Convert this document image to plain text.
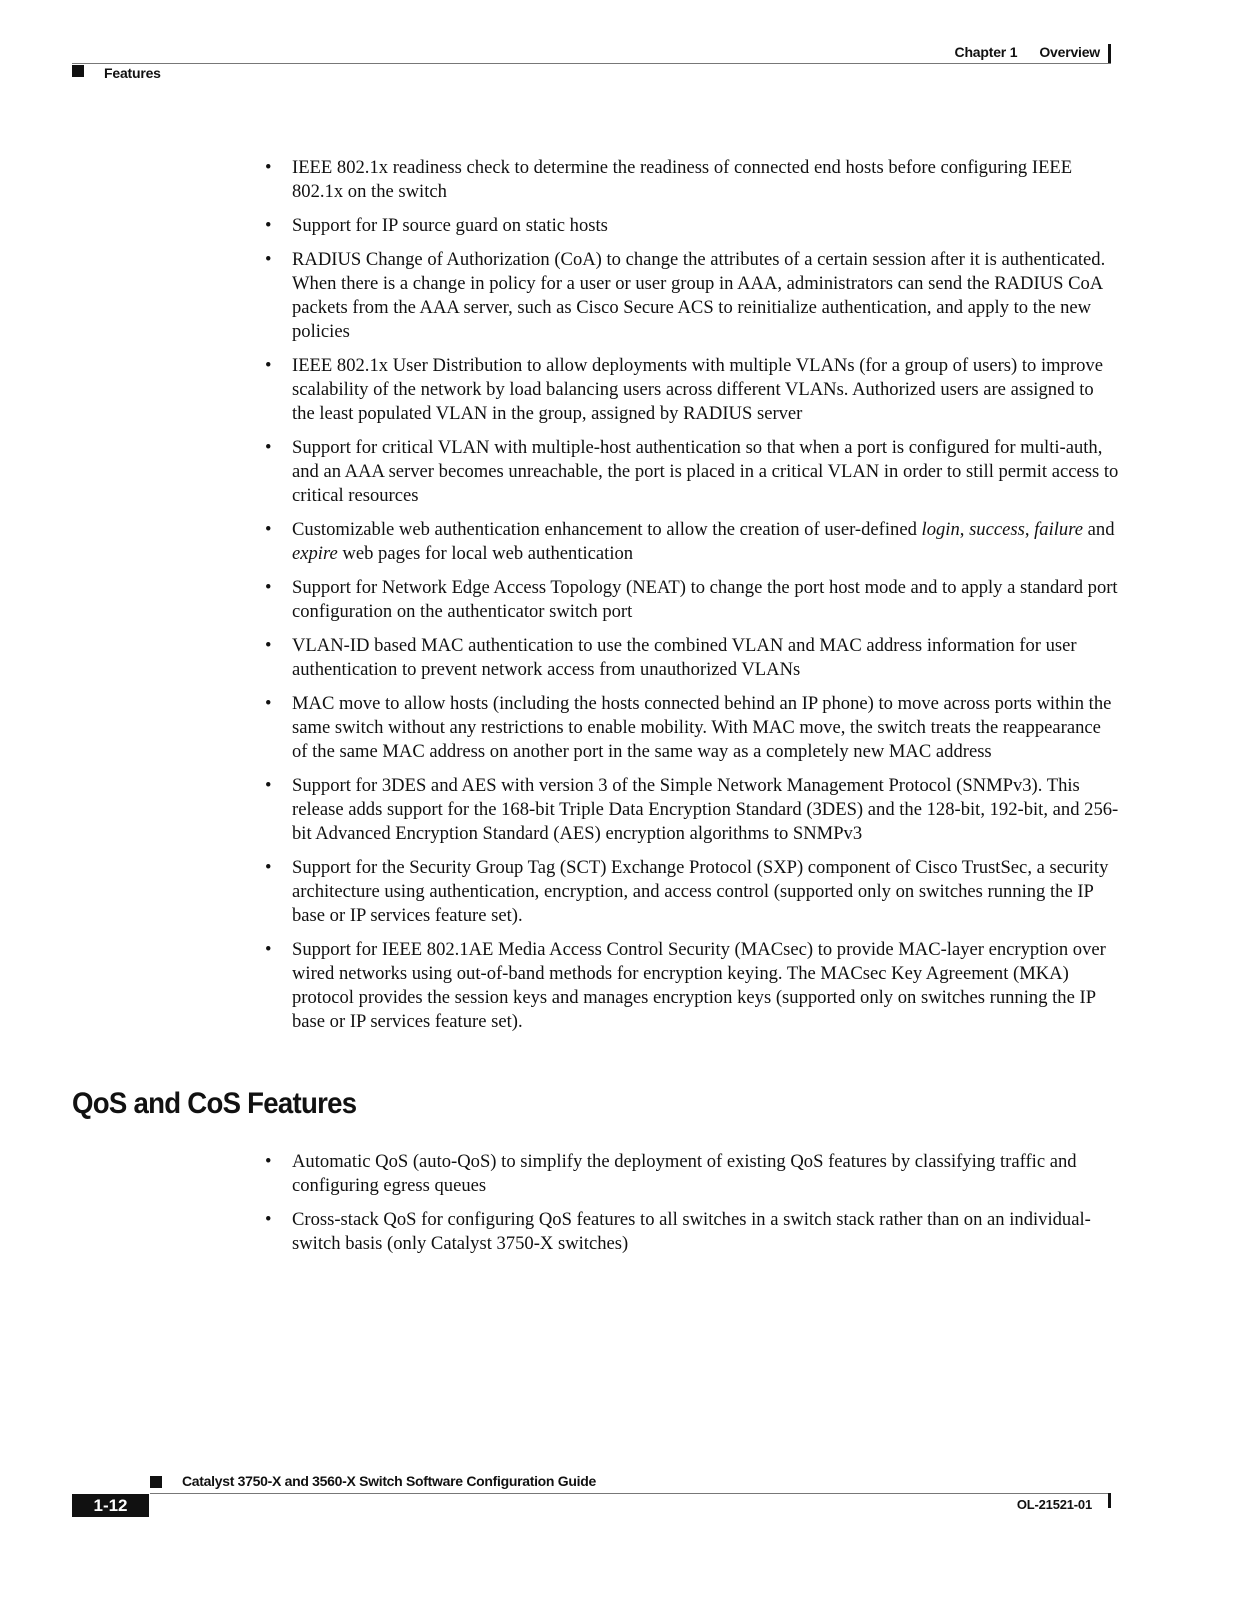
Chapter 1 Overview
Features
• IEEE 802.1x readiness check to determine the readiness of connected end hosts before configuring IEEE 802.1x on the switch
• Support for IP source guard on static hosts
• RADIUS Change of Authorization (CoA) to change the attributes of a certain session after it is authenticated. When there is a change in policy for a user or user group in AAA, administrators can send the RADIUS CoA packets from the AAA server, such as Cisco Secure ACS to reinitialize authentication, and apply to the new policies
• IEEE 802.1x User Distribution to allow deployments with multiple VLANs (for a group of users) to improve scalability of the network by load balancing users across different VLANs. Authorized users are assigned to the least populated VLAN in the group, assigned by RADIUS server
• Support for critical VLAN with multiple-host authentication so that when a port is configured for multi-auth, and an AAA server becomes unreachable, the port is placed in a critical VLAN in order to still permit access to critical resources
• Customizable web authentication enhancement to allow the creation of user-defined login, success, failure and expire web pages for local web authentication
• Support for Network Edge Access Topology (NEAT) to change the port host mode and to apply a standard port configuration on the authenticator switch port
• VLAN-ID based MAC authentication to use the combined VLAN and MAC address information for user authentication to prevent network access from unauthorized VLANs
• MAC move to allow hosts (including the hosts connected behind an IP phone) to move across ports within the same switch without any restrictions to enable mobility. With MAC move, the switch treats the reappearance of the same MAC address on another port in the same way as a completely new MAC address
• Support for 3DES and AES with version 3 of the Simple Network Management Protocol (SNMPv3). This release adds support for the 168-bit Triple Data Encryption Standard (3DES) and the 128-bit, 192-bit, and 256-bit Advanced Encryption Standard (AES) encryption algorithms to SNMPv3
• Support for the Security Group Tag (SCT) Exchange Protocol (SXP) component of Cisco TrustSec, a security architecture using authentication, encryption, and access control (supported only on switches running the IP base or IP services feature set).
• Support for IEEE 802.1AE Media Access Control Security (MACsec) to provide MAC-layer encryption over wired networks using out-of-band methods for encryption keying. The MACsec Key Agreement (MKA) protocol provides the session keys and manages encryption keys (supported only on switches running the IP base or IP services feature set).
QoS and CoS Features
• Automatic QoS (auto-QoS) to simplify the deployment of existing QoS features by classifying traffic and configuring egress queues
• Cross-stack QoS for configuring QoS features to all switches in a switch stack rather than on an individual-switch basis (only Catalyst 3750-X switches)
Catalyst 3750-X and 3560-X Switch Software Configuration Guide
1-12	OL-21521-01
